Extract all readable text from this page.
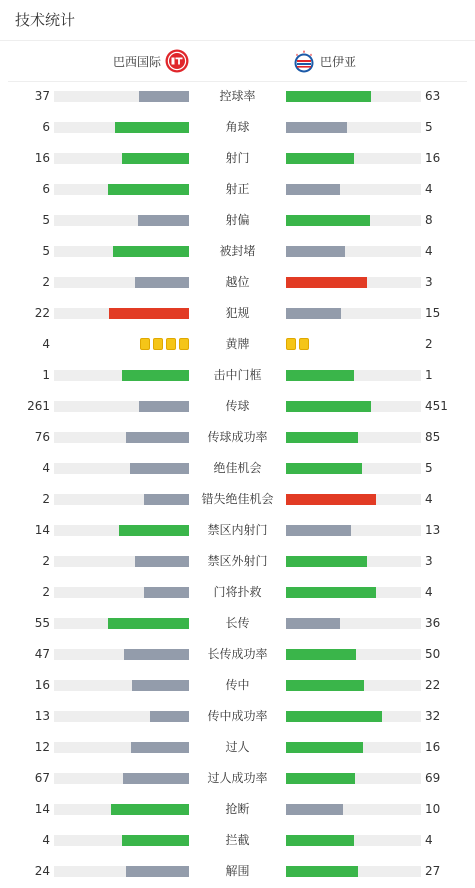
技术统计
巴西国际	巴伊亚
37	控球率	63
6	角球	5
16	射门	16
6	射正	4
5	射偏	8
5	被封堵	4
2	越位	3
22	犯规	15
4	黄牌	2
1	击中门框	1
261	传球	451
76	传球成功率	85
4	绝佳机会	5
2	错失绝佳机会	4
14	禁区内射门	13
2	禁区外射门	3
2	门将扑救	4
55	长传	36
47	长传成功率	50
16	传中	22
13	传中成功率	32
12	过人	16
67	过人成功率	69
14	抢断	10
4	拦截	4
24	解围	27
